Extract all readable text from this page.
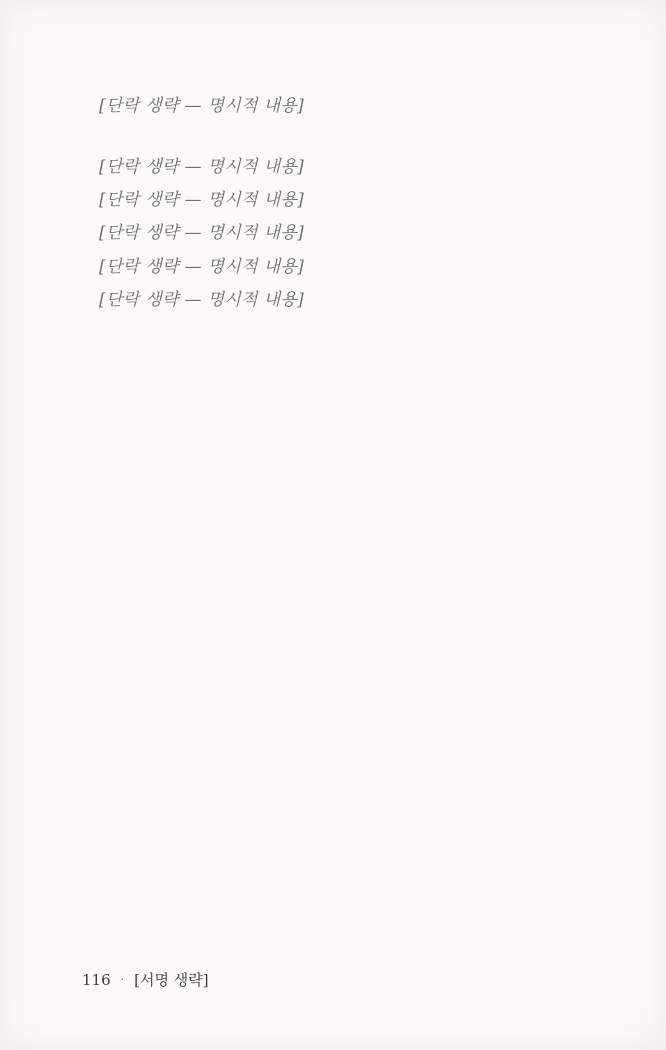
[단락 생략 — 명시적 내용]

[단락 생략 — 명시적 내용]

[단락 생략 — 명시적 내용]

[단락 생략 — 명시적 내용]

[단락 생략 — 명시적 내용]

[단락 생략 — 명시적 내용]

116 · [서명 생략]
